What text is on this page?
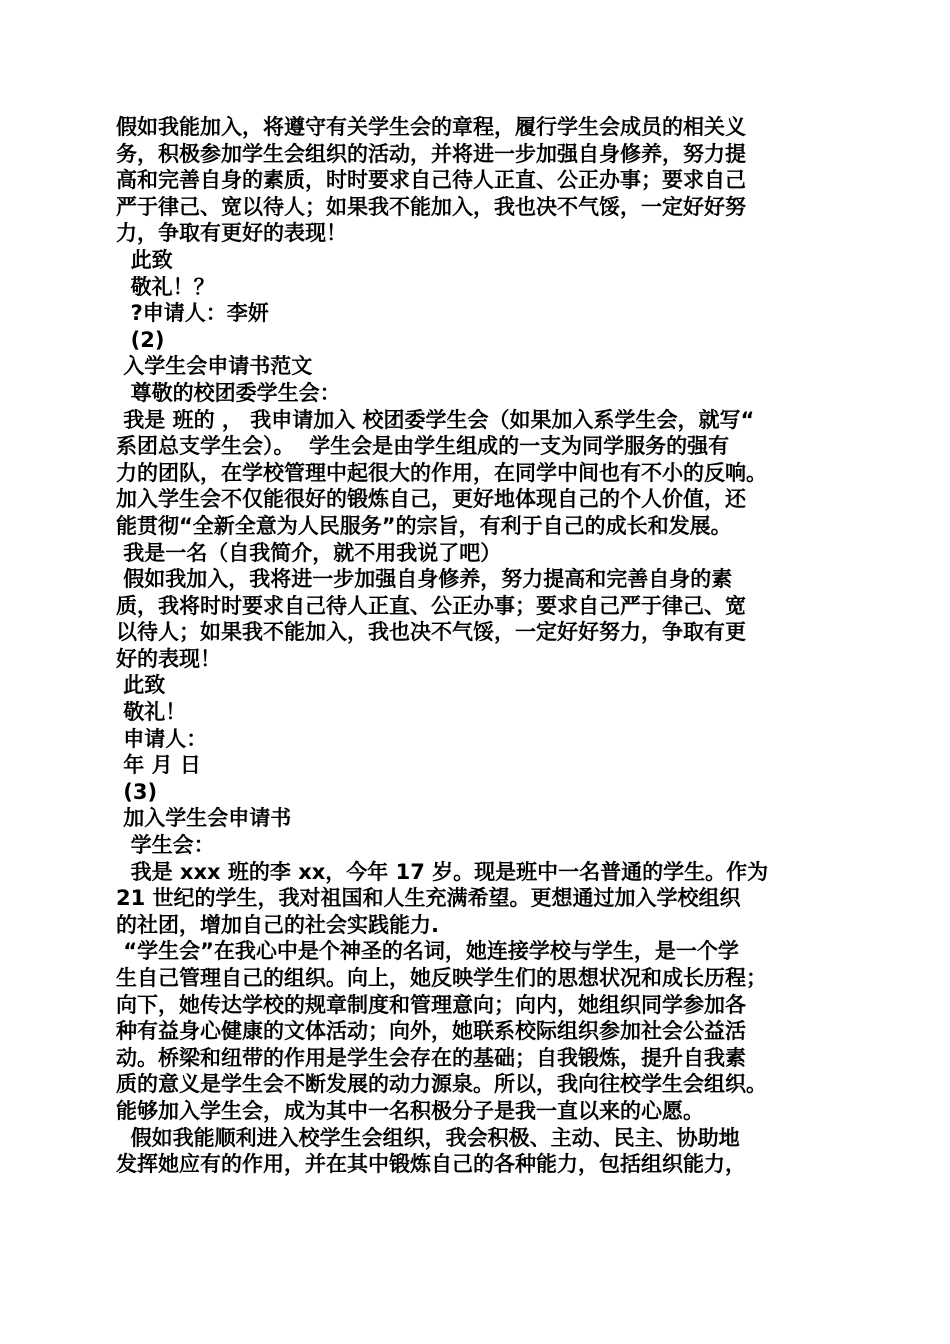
假如我能加入，将遵守有关学生会的章程，履行学生会成员的相关义
务，积极参加学生会组织的活动，并将进一步加强自身修养，努力提
高和完善自身的素质，时时要求自己待人正直、公正办事；要求自己
严于律己、宽以待人；如果我不能加入，我也决不气馁，一定好好努
力，争取有更好的表现！
此致
敬礼！？
?申请人：李妍
(2)
入学生会申请书范文
尊敬的校团委学生会：
我是 班的 ， 我申请加入 校团委学生会（如果加入系学生会，就写“
系团总支学生会）。  学生会是由学生组成的一支为同学服务的强有
力的团队，在学校管理中起很大的作用，在同学中间也有不小的反响。
加入学生会不仅能很好的锻炼自己，更好地体现自己的个人价值，还
能贯彻“全新全意为人民服务”的宗旨，有利于自己的成长和发展。
我是一名（自我简介，就不用我说了吧）
假如我加入，我将进一步加强自身修养，努力提高和完善自身的素
质，我将时时要求自己待人正直、公正办事；要求自己严于律己、宽
以待人；如果我不能加入，我也决不气馁，一定好好努力，争取有更
好的表现！
此致
敬礼！
申请人：
年 月 日
(3)
加入学生会申请书
学生会：
我是 xxx 班的李 xx，今年 17 岁。现是班中一名普通的学生。作为
21 世纪的学生，我对祖国和人生充满希望。更想通过加入学校组织
的社团，增加自己的社会实践能力.
“学生会”在我心中是个神圣的名词，她连接学校与学生，是一个学
生自己管理自己的组织。向上，她反映学生们的思想状况和成长历程；
向下，她传达学校的规章制度和管理意向；向内，她组织同学参加各
种有益身心健康的文体活动；向外，她联系校际组织参加社会公益活
动。桥梁和纽带的作用是学生会存在的基础；自我锻炼，提升自我素
质的意义是学生会不断发展的动力源泉。所以，我向往校学生会组织。
能够加入学生会，成为其中一名积极分子是我一直以来的心愿。
假如我能顺利进入校学生会组织，我会积极、主动、民主、协助地
发挥她应有的作用，并在其中锻炼自己的各种能力，包括组织能力，
